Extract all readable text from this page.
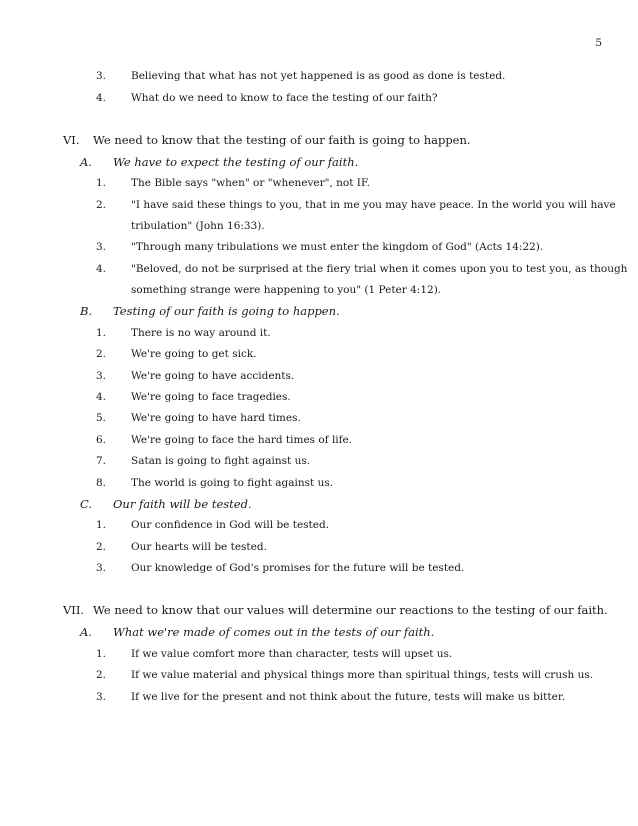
5
3.	Believing that what has not yet happened is as good as done is tested.
4.	What do we need to know to face the testing of our faith?
VI. We need to know that the testing of our faith is going to happen.
A. We have to expect the testing of our faith.
1.	The Bible says "when" or "whenever", not IF.
2.	"I have said these things to you, that in me you may have peace. In the world you will have
tribulation" (John 16:33).
3.	"Through many tribulations we must enter the kingdom of God" (Acts 14:22).
4.	"Beloved, do not be surprised at the fiery trial when it comes upon you to test you, as though
something strange were happening to you" (1 Peter 4:12).
B. Testing of our faith is going to happen.
1.	There is no way around it.
2.	We're going to get sick.
3.	We're going to have accidents.
4.	We're going to face tragedies.
5.	We're going to have hard times.
6.	We're going to face the hard times of life.
7.	Satan is going to fight against us.
8.	The world is going to fight against us.
C. Our faith will be tested.
1.	Our confidence in God will be tested.
2.	Our hearts will be tested.
3.	Our knowledge of God's promises for the future will be tested.
VII. We need to know that our values will determine our reactions to the testing of our faith.
A. What we're made of comes out in the tests of our faith.
1.	If we value comfort more than character, tests will upset us.
2.	If we value material and physical things more than spiritual things, tests will crush us.
3.	If we live for the present and not think about the future, tests will make us bitter.
